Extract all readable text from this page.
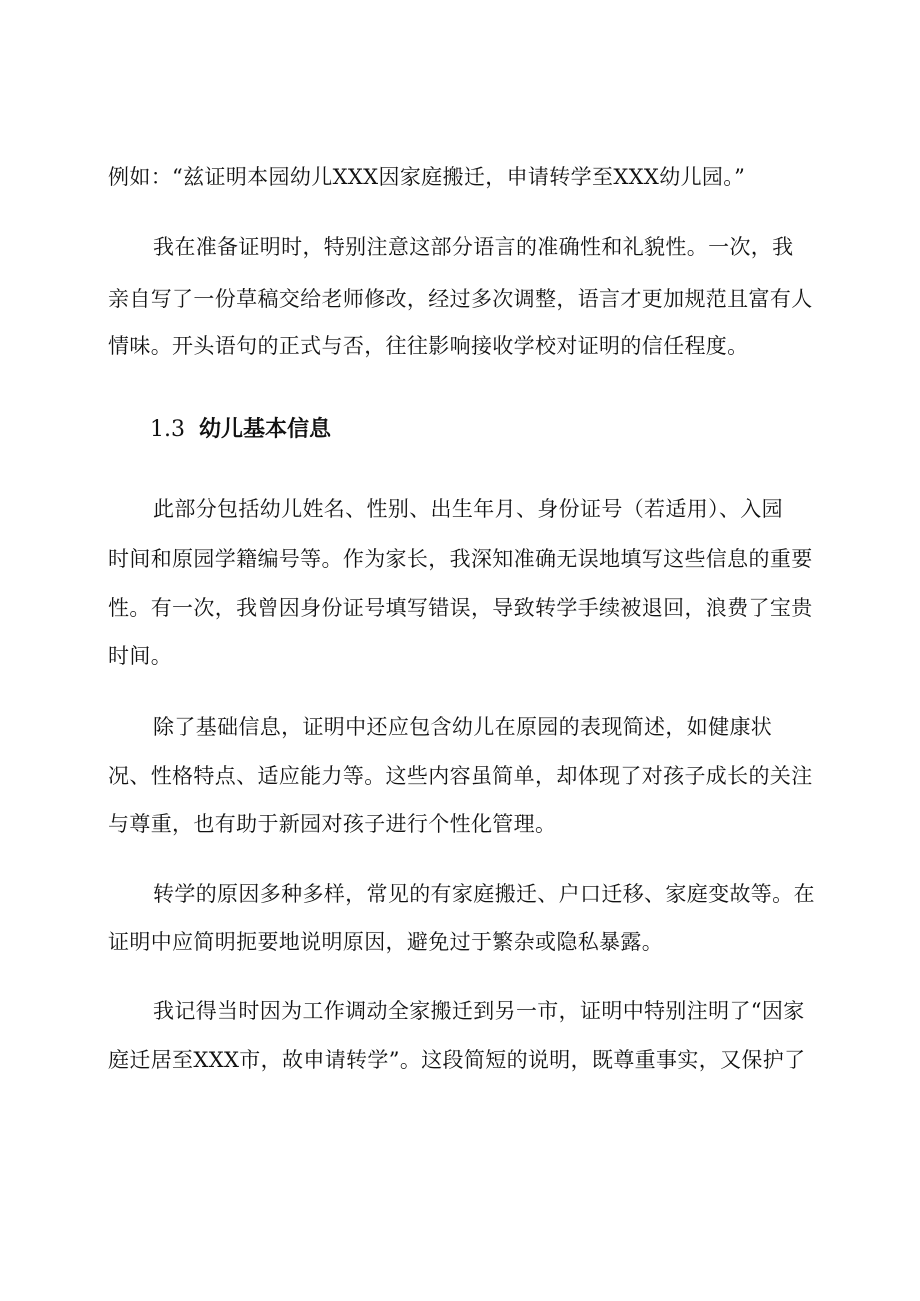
例如：“兹证明本园幼儿XXX因家庭搬迁，申请转学至XXX幼儿园。”
我在准备证明时，特别注意这部分语言的准确性和礼貌性。一次，我
亲自写了一份草稿交给老师修改，经过多次调整，语言才更加规范且富有人
情味。开头语句的正式与否，往往影响接收学校对证明的信任程度。
1.3 幼儿基本信息
此部分包括幼儿姓名、性别、出生年月、身份证号（若适用）、入园
时间和原园学籍编号等。作为家长，我深知准确无误地填写这些信息的重要
性。有一次，我曾因身份证号填写错误，导致转学手续被退回，浪费了宝贵
时间。
除了基础信息，证明中还应包含幼儿在原园的表现简述，如健康状
况、性格特点、适应能力等。这些内容虽简单，却体现了对孩子成长的关注
与尊重，也有助于新园对孩子进行个性化管理。
转学的原因多种多样，常见的有家庭搬迁、户口迁移、家庭变故等。在
证明中应简明扼要地说明原因，避免过于繁杂或隐私暴露。
我记得当时因为工作调动全家搬迁到另一市，证明中特别注明了“因家
庭迁居至XXX市，故申请转学”。这段简短的说明，既尊重事实，又保护了
